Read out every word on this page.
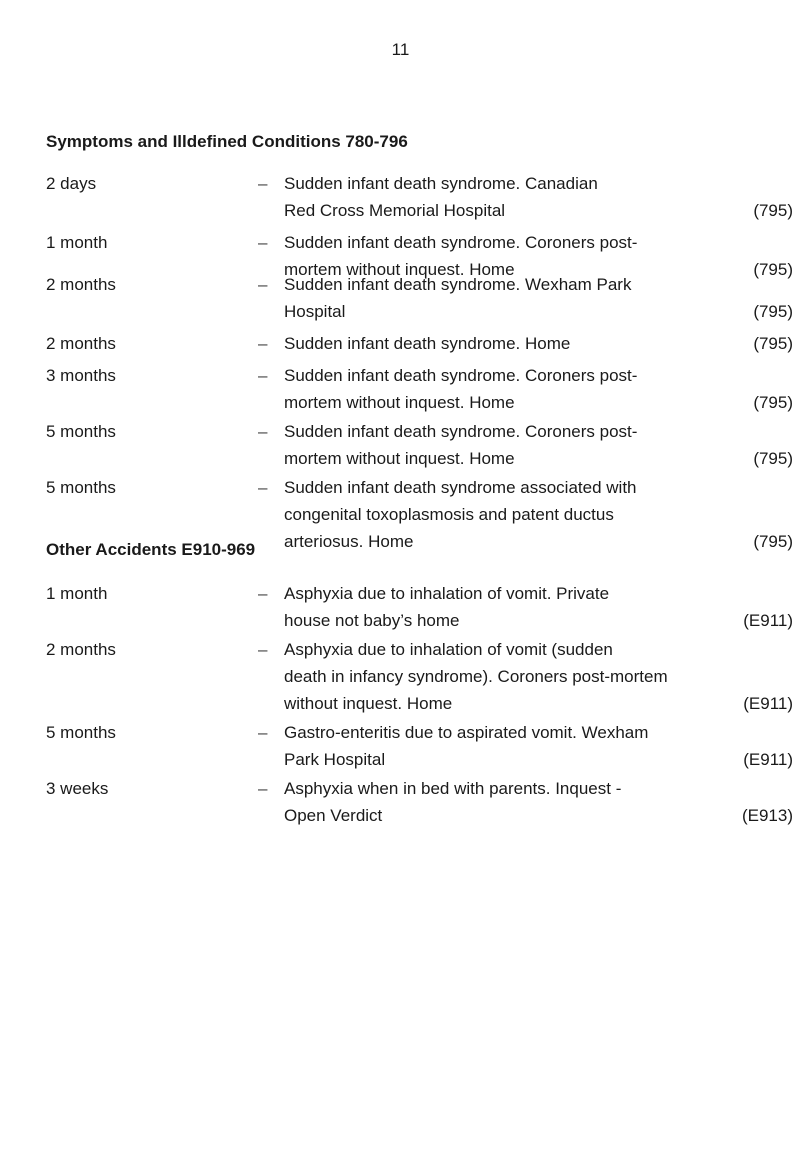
11
Symptoms and Illdefined Conditions 780-796
2 days	– Sudden infant death syndrome. Canadian
Red Cross Memorial Hospital	(795)
1 month	– Sudden infant death syndrome. Coroners post-
mortem without inquest. Home	(795)
2 months	– Sudden infant death syndrome. Wexham Park
Hospital	(795)
2 months	– Sudden infant death syndrome. Home	(795)
3 months	– Sudden infant death syndrome. Coroners post-
mortem without inquest. Home	(795)
5 months	– Sudden infant death syndrome. Coroners post-
mortem without inquest. Home	(795)
5 months	– Sudden infant death syndrome associated with
congenital toxoplasmosis and patent ductus
arteriosus. Home	(795)
Other Accidents E910-969
1 month	– Asphyxia due to inhalation of vomit. Private
house not baby’s home	(E911)
2 months	– Asphyxia due to inhalation of vomit (sudden
death in infancy syndrome). Coroners post-mortem
without inquest. Home	(E911)
5 months	– Gastro-enteritis due to aspirated vomit. Wexham
Park Hospital	(E911)
3 weeks	– Asphyxia when in bed with parents. Inquest -
Open Verdict	(E913)
